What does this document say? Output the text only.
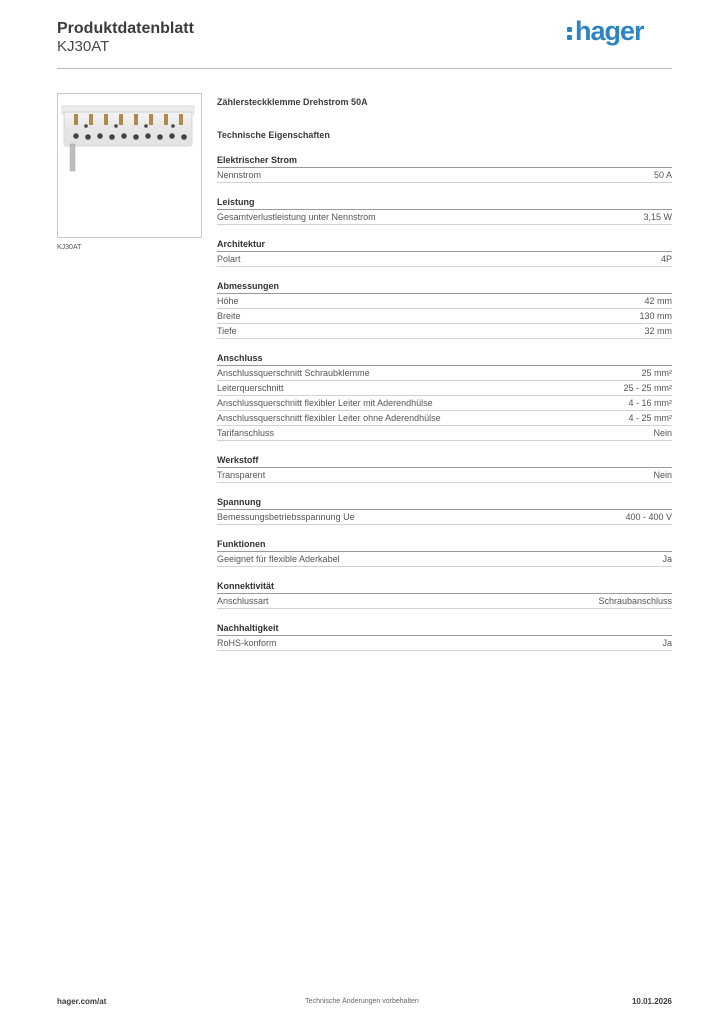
Produktdatenblatt
KJ30AT
hager
KJ30AT
Zählersteckklemme Drehstrom 50A
Technische Eigenschaften
Elektrischer Strom
Nennstrom	50 A
Leistung
Gesamtverlustleistung unter Nennstrom	3,15 W
Architektur
Polart	4P
Abmessungen
Höhe	42 mm
Breite	130 mm
Tiefe	32 mm
Anschluss
Anschlussquerschnitt Schraubklemme	25 mm²
Leiterquerschnitt	25 - 25 mm²
Anschlussquerschnitt flexibler Leiter mit Aderendhülse	4 - 16 mm²
Anschlussquerschnitt flexibler Leiter ohne Aderendhülse	4 - 25 mm²
Tarifanschluss	Nein
Werkstoff
Transparent	Nein
Spannung
Bemessungsbetriebsspannung Ue	400 - 400 V
Funktionen
Geeignet für flexible Aderkabel	Ja
Konnektivität
Anschlussart	Schraubanschluss
Nachhaltigkeit
RoHS-konform	Ja
hager.com/at	Technische Änderungen vorbehalten	10.01.2026
